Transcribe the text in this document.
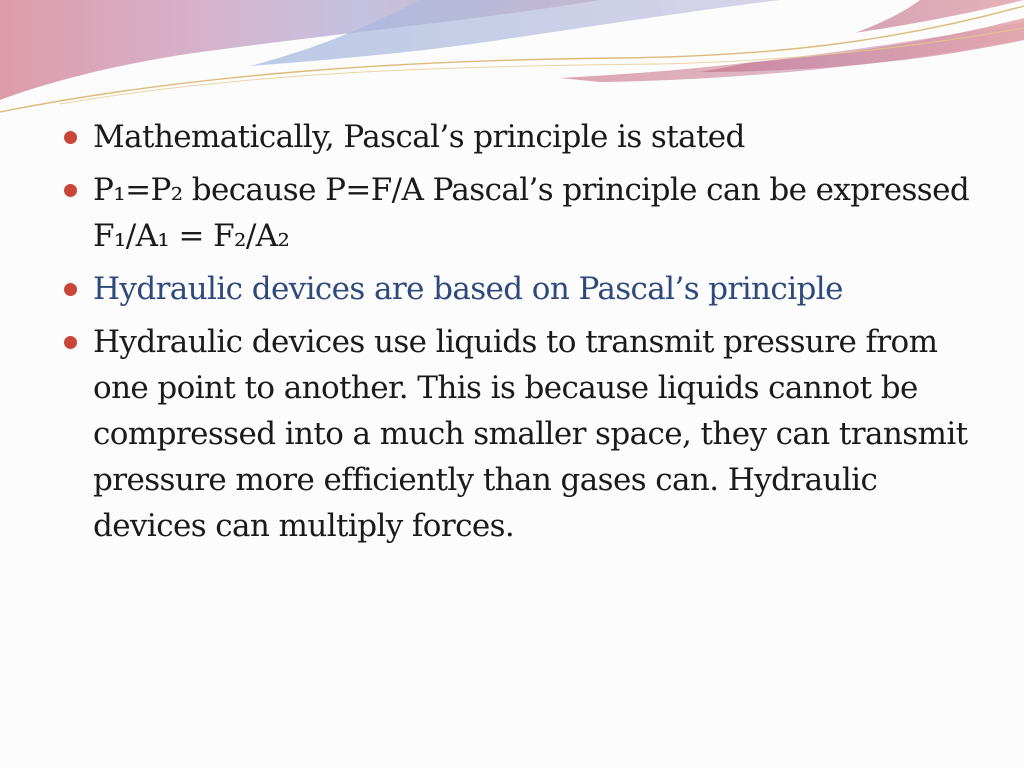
Mathematically, Pascal’s principle is stated
P₁=P₂ because P=F/A Pascal’s principle can be expressed F₁/A₁ = F₂/A₂
Hydraulic devices are based on Pascal’s principle
Hydraulic devices use liquids to transmit pressure from one point to another. This is because liquids cannot be compressed into a much smaller space, they can transmit pressure more efficiently than gases can. Hydraulic devices can multiply forces.
